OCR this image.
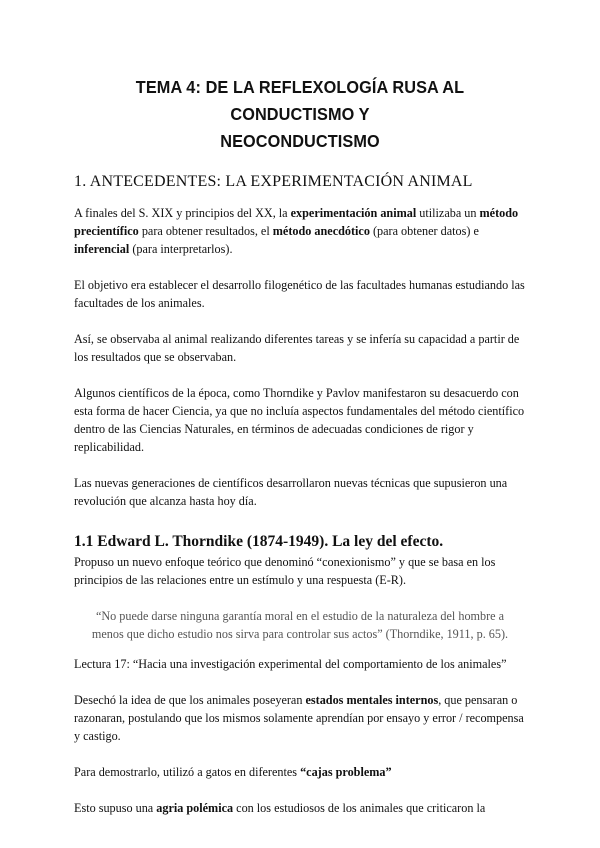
TEMA 4: DE LA REFLEXOLOGÍA RUSA AL CONDUCTISMO Y
NEOCONDUCTISMO
1. ANTECEDENTES: LA EXPERIMENTACIÓN ANIMAL

A finales del S. XIX y principios del XX, la experimentación animal utilizaba un método precientífico para obtener resultados, el método anecdótico (para obtener datos) e inferencial (para interpretarlos).

El objetivo era establecer el desarrollo filogenético de las facultades humanas estudiando las facultades de los animales.

Así, se observaba al animal realizando diferentes tareas y se infería su capacidad a partir de los resultados que se observaban.

Algunos científicos de la época, como Thorndike y Pavlov manifestaron su desacuerdo con esta forma de hacer Ciencia, ya que no incluía aspectos fundamentales del método científico dentro de las Ciencias Naturales, en términos de adecuadas condiciones de rigor y replicabilidad.

Las nuevas generaciones de científicos desarrollaron nuevas técnicas que supusieron una revolución que alcanza hasta hoy día.

1.1 Edward L. Thorndike (1874-1949). La ley del efecto.

Propuso un nuevo enfoque teórico que denominó “conexionismo” y que se basa en los principios de las relaciones entre un estímulo y una respuesta (E-R).

“No puede darse ninguna garantía moral en el estudio de la naturaleza del hombre a menos que dicho estudio nos sirva para controlar sus actos” (Thorndike, 1911, p. 65).

Lectura 17: “Hacia una investigación experimental del comportamiento de los animales”

Desechó la idea de que los animales poseyeran estados mentales internos, que pensaran o razonaran, postulando que los mismos solamente aprendían por ensayo y error / recompensa y castigo.

Para demostrarlo, utilizó a gatos en diferentes “cajas problema”

Esto supuso una agria polémica con los estudiosos de los animales que criticaron la
